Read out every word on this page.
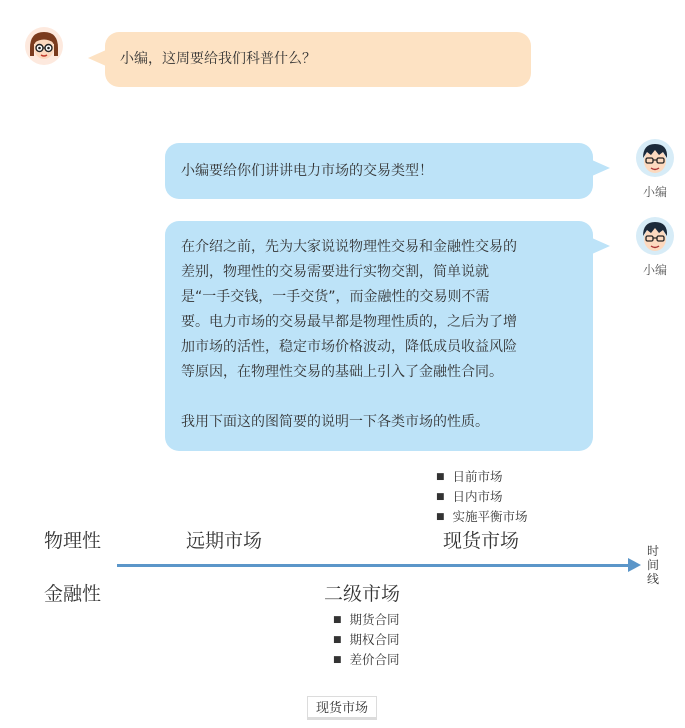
小编，这周要给我们科普什么？
小编要给你们讲讲电力市场的交易类型！
小编

在介绍之前，先为大家说说物理性交易和金融性交易的

差别，物理性的交易需要进行实物交割，简单说就

是“一手交钱，一手交货”，而金融性的交易则不需

要。电力市场的交易最早都是物理性质的，之后为了增

加市场的活性，稳定市场价格波动，降低成员收益风险

等原因，在物理性交易的基础上引入了金融性合同。

我用下面这的图简要的说明一下各类市场的性质。

小编
■ 日前市场
■ 日内市场
■ 实施平衡市场
物理性	远期市场	现货市场	时间线
金融性	二级市场
■ 期货合同
■ 期权合同
■ 差价合同
现货市场
